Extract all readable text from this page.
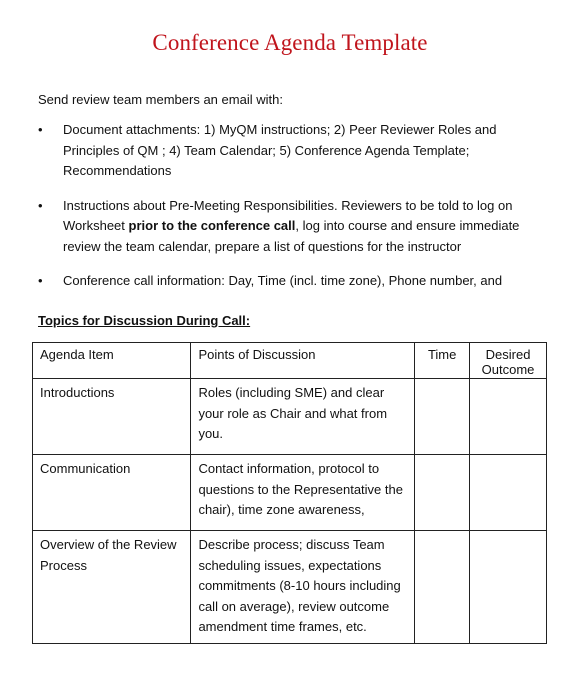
Conference Agenda Template
Send review team members an email with:
• Document attachments: 1) MyQM instructions; 2) Peer Reviewer Roles and Principles of QM ; 4) Team Calendar; 5) Conference Agenda Template; Recommendations
• Instructions about Pre-Meeting Responsibilities. Reviewers to be told to log on Worksheet prior to the conference call, log into course and ensure immediate review the team calendar, prepare a list of questions for the instructor
• Conference call information: Day, Time (incl. time zone), Phone number, and
Topics for Discussion During Call:
Agenda Item	Points of Discussion	Time	Desired Outcome
Introductions	Roles (including SME) and clear your role as Chair and what from you.		
Communication	Contact information, protocol to questions to the Representative the chair), time zone awareness,		
Overview of the Review Process	Describe process; discuss Team scheduling issues, expectations commitments (8-10 hours including call on average), review outcome amendment time frames, etc.		
